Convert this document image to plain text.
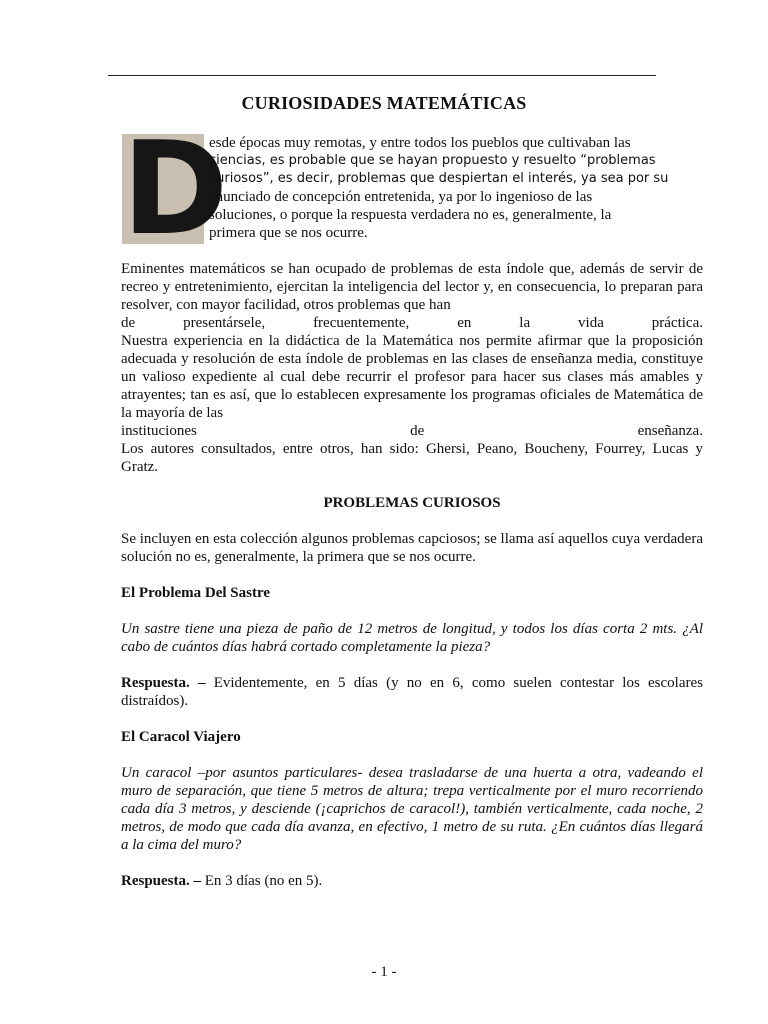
CURIOSIDADES MATEMÁTICAS
D
esde épocas muy remotas, y entre todos los pueblos que cultivaban las
ciencias, es probable que se hayan propuesto y resuelto “problemas
curiosos”, es decir, problemas que despiertan el interés, ya sea por su
enunciado de concepción entretenida, ya por lo ingenioso de las
soluciones, o porque la respuesta verdadera no es, generalmente, la
primera que se nos ocurre.

Eminentes matemáticos se han ocupado de problemas de esta índole que, además de servir de recreo y entretenimiento, ejercitan la inteligencia del lector y, en consecuencia, lo preparan para resolver, con mayor facilidad, otros problemas que han

de	presentársele,	frecuentemente,	en	la	vida	práctica.

Nuestra experiencia en la didáctica de la Matemática nos permite afirmar que la proposición adecuada y resolución de esta índole de problemas en las clases de enseñanza media, constituye un valioso expediente al cual debe recurrir el profesor para hacer sus clases más amables y atrayentes; tan es así, que lo establecen expresamente los programas oficiales de Matemática de la mayoría de las

instituciones	de	enseñanza.

Los autores consultados, entre otros, han sido: Ghersi, Peano, Boucheny, Fourrey, Lucas y Gratz.

PROBLEMAS CURIOSOS

Se incluyen en esta colección algunos problemas capciosos; se llama así aquellos cuya verdadera solución no es, generalmente, la primera que se nos ocurre.

El Problema Del Sastre

Un sastre tiene una pieza de paño de 12 metros de longitud, y todos los días corta 2 mts. ¿Al cabo de cuántos días habrá cortado completamente la pieza?

Respuesta. – Evidentemente, en 5 días (y no en 6, como suelen contestar los escolares distraídos).

El Caracol Viajero

Un caracol –por asuntos particulares- desea trasladarse de una huerta a otra, vadeando el muro de separación, que tiene 5 metros de altura; trepa verticalmente por el muro recorriendo cada día 3 metros, y desciende (¡caprichos de caracol!), también verticalmente, cada noche, 2 metros, de modo que cada día avanza, en efectivo, 1 metro de su ruta. ¿En cuántos días llegará a la cima del muro?

Respuesta. – En 3 días (no en 5).

- 1 -
